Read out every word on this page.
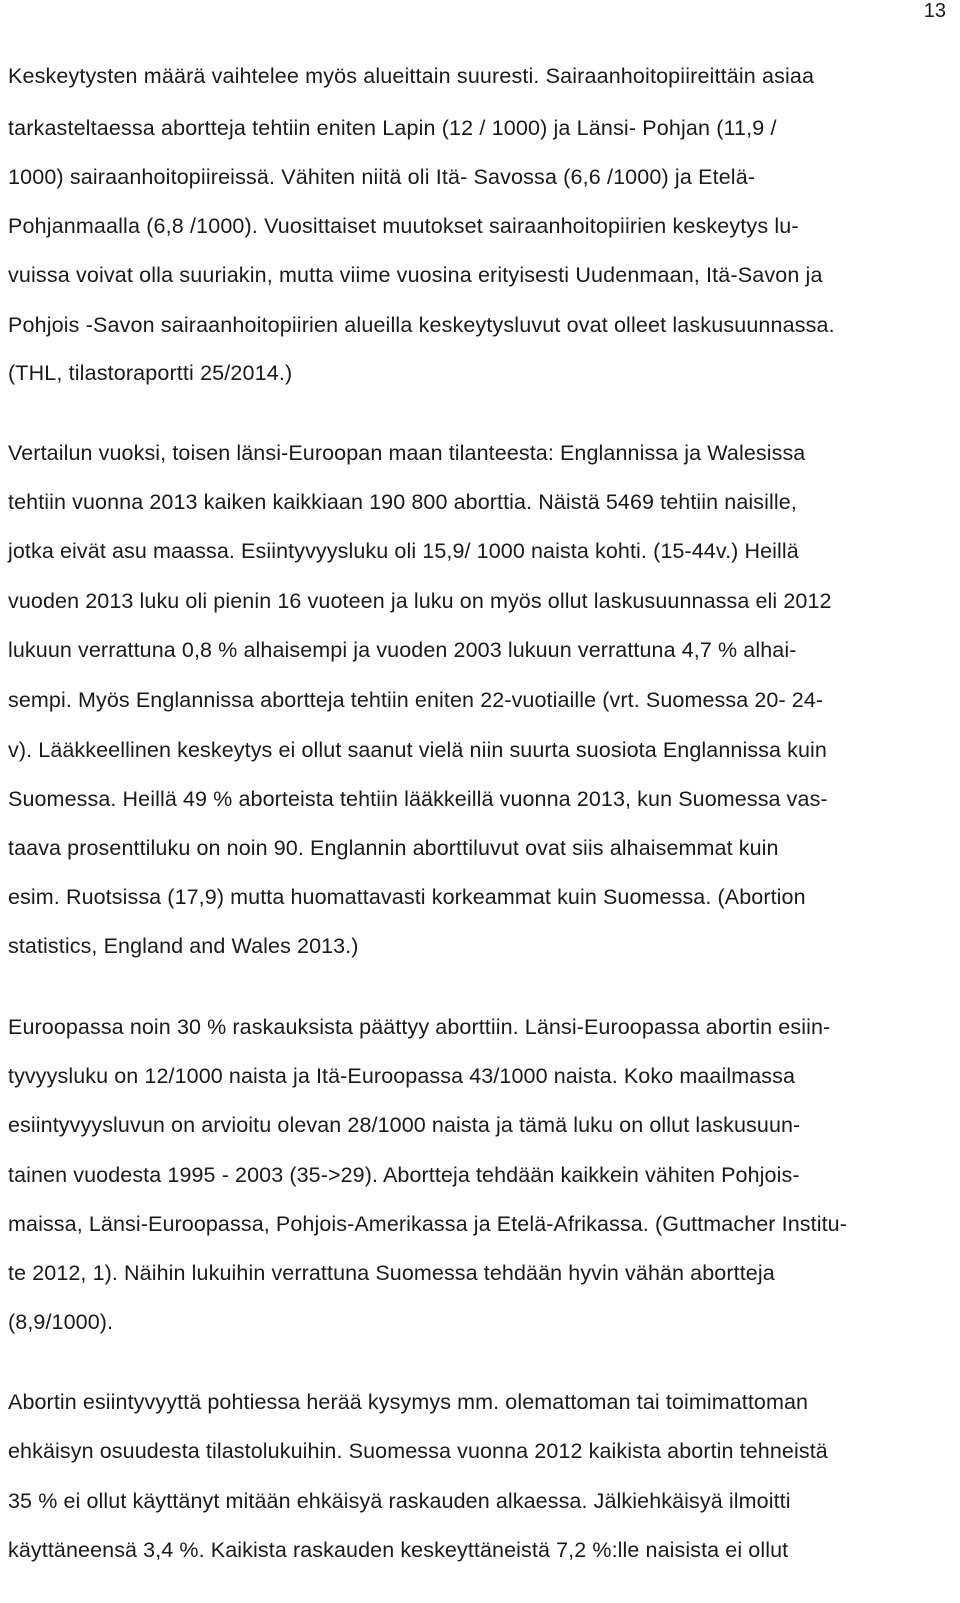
13
Keskeytysten määrä vaihtelee myös alueittain suuresti. Sairaanhoitopiireittäin asiaa
tarkasteltaessa abortteja tehtiin eniten Lapin (12 / 1000) ja Länsi- Pohjan (11,9 /
1000) sairaanhoitopiireissä. Vähiten niitä oli Itä- Savossa (6,6 /1000) ja Etelä-
Pohjanmaalla (6,8 /1000). Vuosittaiset muutokset sairaanhoitopiirien keskeytys lu-
vuissa voivat olla suuriakin, mutta viime vuosina erityisesti Uudenmaan, Itä-Savon ja
Pohjois -Savon sairaanhoitopiirien alueilla keskeytysluvut ovat olleet laskusuunnassa.
(THL, tilastoraportti 25/2014.)
Vertailun vuoksi, toisen länsi-Euroopan maan tilanteesta: Englannissa ja Walesissa
tehtiin vuonna 2013 kaiken kaikkiaan 190 800 aborttia. Näistä 5469 tehtiin naisille,
jotka eivät asu maassa. Esiintyvyysluku oli 15,9/ 1000 naista kohti. (15-44v.) Heillä
vuoden 2013 luku oli pienin 16 vuoteen ja luku on myös ollut laskusuunnassa eli 2012
lukuun verrattuna 0,8 % alhaisempi ja vuoden 2003 lukuun verrattuna 4,7 % alhai-
sempi. Myös Englannissa abortteja tehtiin eniten 22-vuotiaille (vrt. Suomessa 20- 24-
v). Lääkkeellinen keskeytys ei ollut saanut vielä niin suurta suosiota Englannissa kuin
Suomessa. Heillä 49 % aborteista tehtiin lääkkeillä vuonna 2013, kun Suomessa vas-
taava prosenttiluku on noin 90. Englannin aborttiluvut ovat siis alhaisemmat kuin
esim. Ruotsissa (17,9) mutta huomattavasti korkeammat kuin Suomessa. (Abortion
statistics, England and Wales 2013.)
Euroopassa noin 30 % raskauksista päättyy aborttiin. Länsi-Euroopassa abortin esiin-
tyvyysluku on 12/1000 naista ja Itä-Euroopassa 43/1000 naista. Koko maailmassa
esiintyvyysluvun on arvioitu olevan 28/1000 naista ja tämä luku on ollut laskusuun-
tainen vuodesta 1995 - 2003 (35->29). Abortteja tehdään kaikkein vähiten Pohjois-
maissa, Länsi-Euroopassa, Pohjois-Amerikassa ja Etelä-Afrikassa. (Guttmacher Institu-
te 2012, 1). Näihin lukuihin verrattuna Suomessa tehdään hyvin vähän abortteja
(8,9/1000).
Abortin esiintyvyyttä pohtiessa herää kysymys mm. olemattoman tai toimimattoman
ehkäisyn osuudesta tilastolukuihin. Suomessa vuonna 2012 kaikista abortin tehneistä
35 % ei ollut käyttänyt mitään ehkäisyä raskauden alkaessa. Jälkiehkäisyä ilmoitti
käyttäneensä 3,4 %. Kaikista raskauden keskeyttäneistä 7,2 %:lle naisista ei ollut
